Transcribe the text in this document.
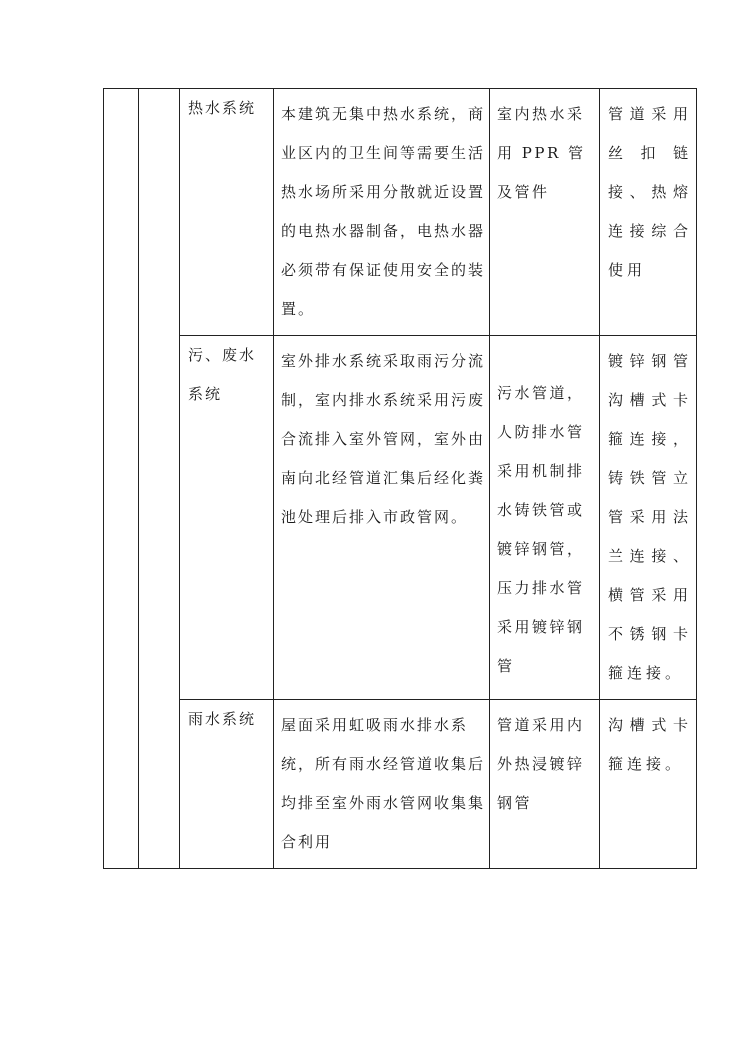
		热水系统	本建筑无集中热水系统，商业区内的卫生间等需要生活热水场所采用分散就近设置的电热水器制备，电热水器必须带有保证使用安全的装置。	室内热水采用 PPR 管及管件	管道采用丝扣链接、热熔连接综合使用

		污、废水系统	室外排水系统采取雨污分流制，室内排水系统采用污废合流排入室外管网，室外由南向北经管道汇集后经化粪池处理后排入市政管网。	污水管道，人防排水管采用机制排水铸铁管或镀锌钢管，压力排水管采用镀锌钢管	镀锌钢管沟槽式卡箍连接，铸铁管立管采用法兰连接、横管采用不锈钢卡箍连接。

		雨水系统	屋面采用虹吸雨水排水系统，所有雨水经管道收集后均排至室外雨水管网收集集合利用	管道采用内外热浸镀锌钢管	沟槽式卡箍连接。
